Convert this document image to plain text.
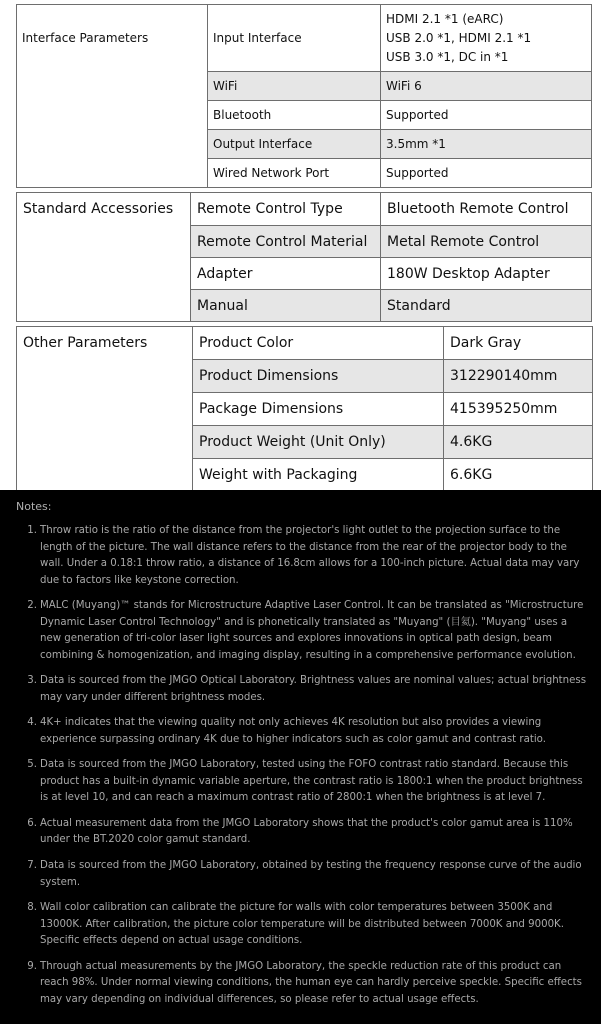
Interface Parameters	Input Interface	HDMI 2.1 *1 (eARC)
USB 2.0 *1, HDMI 2.1 *1
USB 3.0 *1, DC in *1

	WiFi	WiFi 6
	Bluetooth	Supported
	Output Interface	3.5mm *1
	Wired Network Port	Supported
Standard Accessories	Remote Control Type	Bluetooth Remote Control
	Remote Control Material	Metal Remote Control
	Adapter	180W Desktop Adapter
	Manual	Standard
Other Parameters	Product Color	Dark Gray
	Product Dimensions	312290140mm
	Package Dimensions	415395250mm
	Product Weight (Unit Only)	4.6KG
	Weight with Packaging	6.6KG
Notes:
1. Throw ratio is the ratio of the distance from the projector's light outlet to the projection surface to the length of the picture. The wall distance refers to the distance from the rear of the projector body to the wall. Under a 0.18:1 throw ratio, a distance of 16.8cm allows for a 100-inch picture. Actual data may vary due to factors like keystone correction.
2. MALC (Muyang)™ stands for Microstructure Adaptive Laser Control. It can be translated as "Microstructure Dynamic Laser Control Technology" and is phonetically translated as "Muyang" (目氦). "Muyang" uses a new generation of tri-color laser light sources and explores innovations in optical path design, beam combining & homogenization, and imaging display, resulting in a comprehensive performance evolution.
3. Data is sourced from the JMGO Optical Laboratory. Brightness values are nominal values; actual brightness may vary under different brightness modes.
4. 4K+ indicates that the viewing quality not only achieves 4K resolution but also provides a viewing experience surpassing ordinary 4K due to higher indicators such as color gamut and contrast ratio.
5. Data is sourced from the JMGO Laboratory, tested using the FOFO contrast ratio standard. Because this product has a built-in dynamic variable aperture, the contrast ratio is 1800:1 when the product brightness is at level 10, and can reach a maximum contrast ratio of 2800:1 when the brightness is at level 7.
6. Actual measurement data from the JMGO Laboratory shows that the product's color gamut area is 110% under the BT.2020 color gamut standard.
7. Data is sourced from the JMGO Laboratory, obtained by testing the frequency response curve of the audio system.
8. Wall color calibration can calibrate the picture for walls with color temperatures between 3500K and 13000K. After calibration, the picture color temperature will be distributed between 7000K and 9000K. Specific effects depend on actual usage conditions.
9. Through actual measurements by the JMGO Laboratory, the speckle reduction rate of this product can reach 98%. Under normal viewing conditions, the human eye can hardly perceive speckle. Specific effects may vary depending on individual differences, so please refer to actual usage effects.
